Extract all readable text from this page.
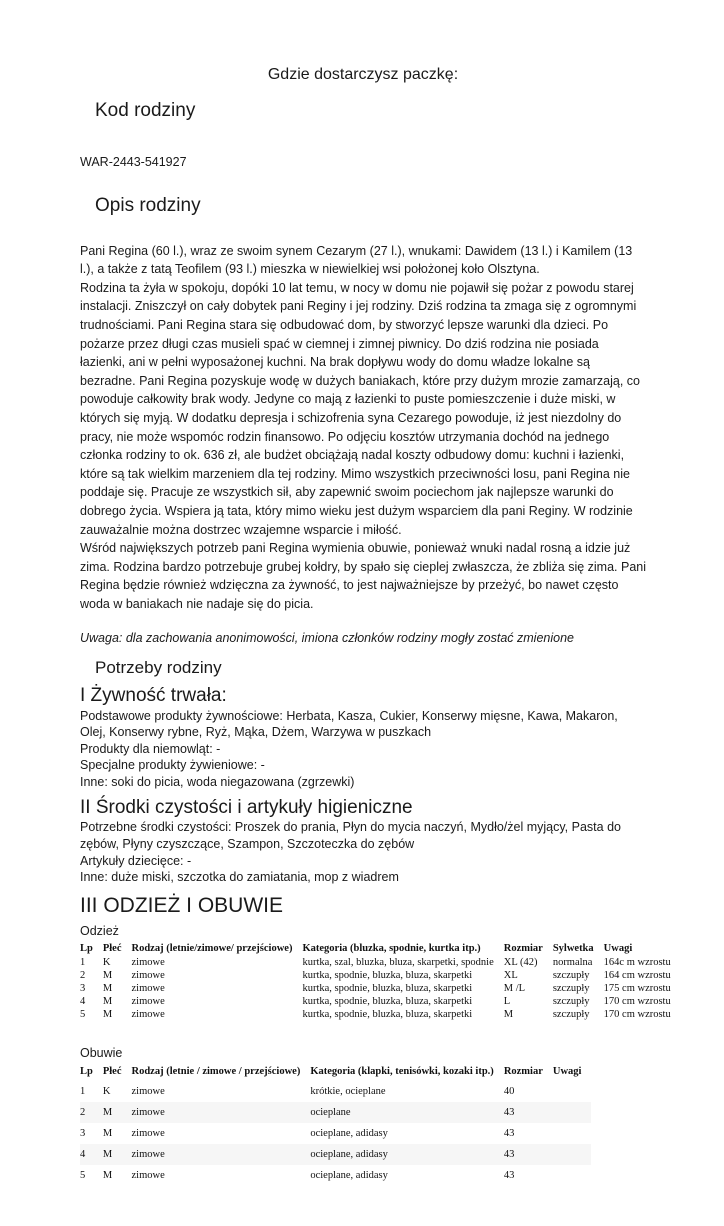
Gdzie dostarczysz paczkę:
Kod rodziny
WAR-2443-541927
Opis rodziny

Pani Regina (60 l.), wraz ze swoim synem Cezarym (27 l.), wnukami: Dawidem (13 l.) i Kamilem (13 l.), a także z tatą Teofilem (93 l.) mieszka w niewielkiej wsi położonej koło Olsztyna.

Rodzina ta żyła w spokoju, dopóki 10 lat temu, w nocy w domu nie pojawił się pożar z powodu starej instalacji. Zniszczył on cały dobytek pani Reginy i jej rodziny. Dziś rodzina ta zmaga się z ogromnymi trudnościami. Pani Regina stara się odbudować dom, by stworzyć lepsze warunki dla dzieci. Po pożarze przez długi czas musieli spać w ciemnej i zimnej piwnicy. Do dziś rodzina nie posiada łazienki, ani w pełni wyposażonej kuchni. Na brak dopływu wody do domu władze lokalne są bezradne. Pani Regina pozyskuje wodę w dużych baniakach, które przy dużym mrozie zamarzają, co powoduje całkowity brak wody. Jedyne co mają z łazienki to puste pomieszczenie i duże miski, w których się myją. W dodatku depresja i schizofrenia syna Cezarego powoduje, iż jest niezdolny do pracy, nie może wspomóc rodzin finansowo. Po odjęciu kosztów utrzymania dochód na jednego członka rodziny to ok. 636 zł, ale budżet obciążają nadal koszty odbudowy domu: kuchni i łazienki, które są tak wielkim marzeniem dla tej rodziny. Mimo wszystkich przeciwności losu, pani Regina nie poddaje się. Pracuje ze wszystkich sił, aby zapewnić swoim pociechom jak najlepsze warunki do dobrego życia. Wspiera ją tata, który mimo wieku jest dużym wsparciem dla pani Reginy. W rodzinie zauważalnie można dostrzec wzajemne wsparcie i miłość.

Wśród największych potrzeb pani Regina wymienia obuwie, ponieważ wnuki nadal rosną a idzie już zima. Rodzina bardzo potrzebuje grubej kołdry, by spało się cieplej zwłaszcza, że zbliża się zima. Pani Regina będzie również wdzięczna za żywność, to jest najważniejsze by przeżyć, bo nawet często woda w baniakach nie nadaje się do picia.

Uwaga: dla zachowania anonimowości, imiona członków rodziny mogły zostać zmienione
Potrzeby rodziny
I Żywność trwała:

Podstawowe produkty żywnościowe: Herbata, Kasza, Cukier, Konserwy mięsne, Kawa, Makaron, Olej, Konserwy rybne, Ryż, Mąka, Dżem, Warzywa w puszkach

Produkty dla niemowląt: -

Specjalne produkty żywieniowe: -

Inne: soki do picia, woda niegazowana (zgrzewki)

II Środki czystości i artykuły higieniczne

Potrzebne środki czystości: Proszek do prania, Płyn do mycia naczyń, Mydło/żel myjący, Pasta do zębów, Płyny czyszczące, Szampon, Szczoteczka do zębów

Artykuły dziecięce: -

Inne: duże miski, szczotka do zamiatania, mop z wiadrem

III ODZIEŻ I OBUWIE
Odzież
Lp	Płeć	Rodzaj (letnie/zimowe/ przejściowe)	Kategoria (bluzka, spodnie, kurtka itp.)	Rozmiar	Sylwetka	Uwagi
1	K	zimowe	kurtka, szal, bluzka, bluza, skarpetki, spodnie	XL (42)	normalna	164c m wzrostu
2	M	zimowe	kurtka, spodnie, bluzka, bluza, skarpetki	XL	szczupły	164 cm wzrostu
3	M	zimowe	kurtka, spodnie, bluzka, bluza, skarpetki	M /L	szczupły	175 cm wzrostu
4	M	zimowe	kurtka, spodnie, bluzka, bluza, skarpetki	L	szczupły	170 cm wzrostu
5	M	zimowe	kurtka, spodnie, bluzka, bluza, skarpetki	M	szczupły	170 cm wzrostu
Obuwie
Lp	Płeć	Rodzaj (letnie / zimowe / przejściowe)	Kategoria (klapki, tenisówki, kozaki itp.)	Rozmiar	Uwagi
1	K	zimowe	krótkie, ocieplane	40	
2	M	zimowe	ocieplane	43	
3	M	zimowe	ocieplane, adidasy	43	
4	M	zimowe	ocieplane, adidasy	43	
5	M	zimowe	ocieplane, adidasy	43	
